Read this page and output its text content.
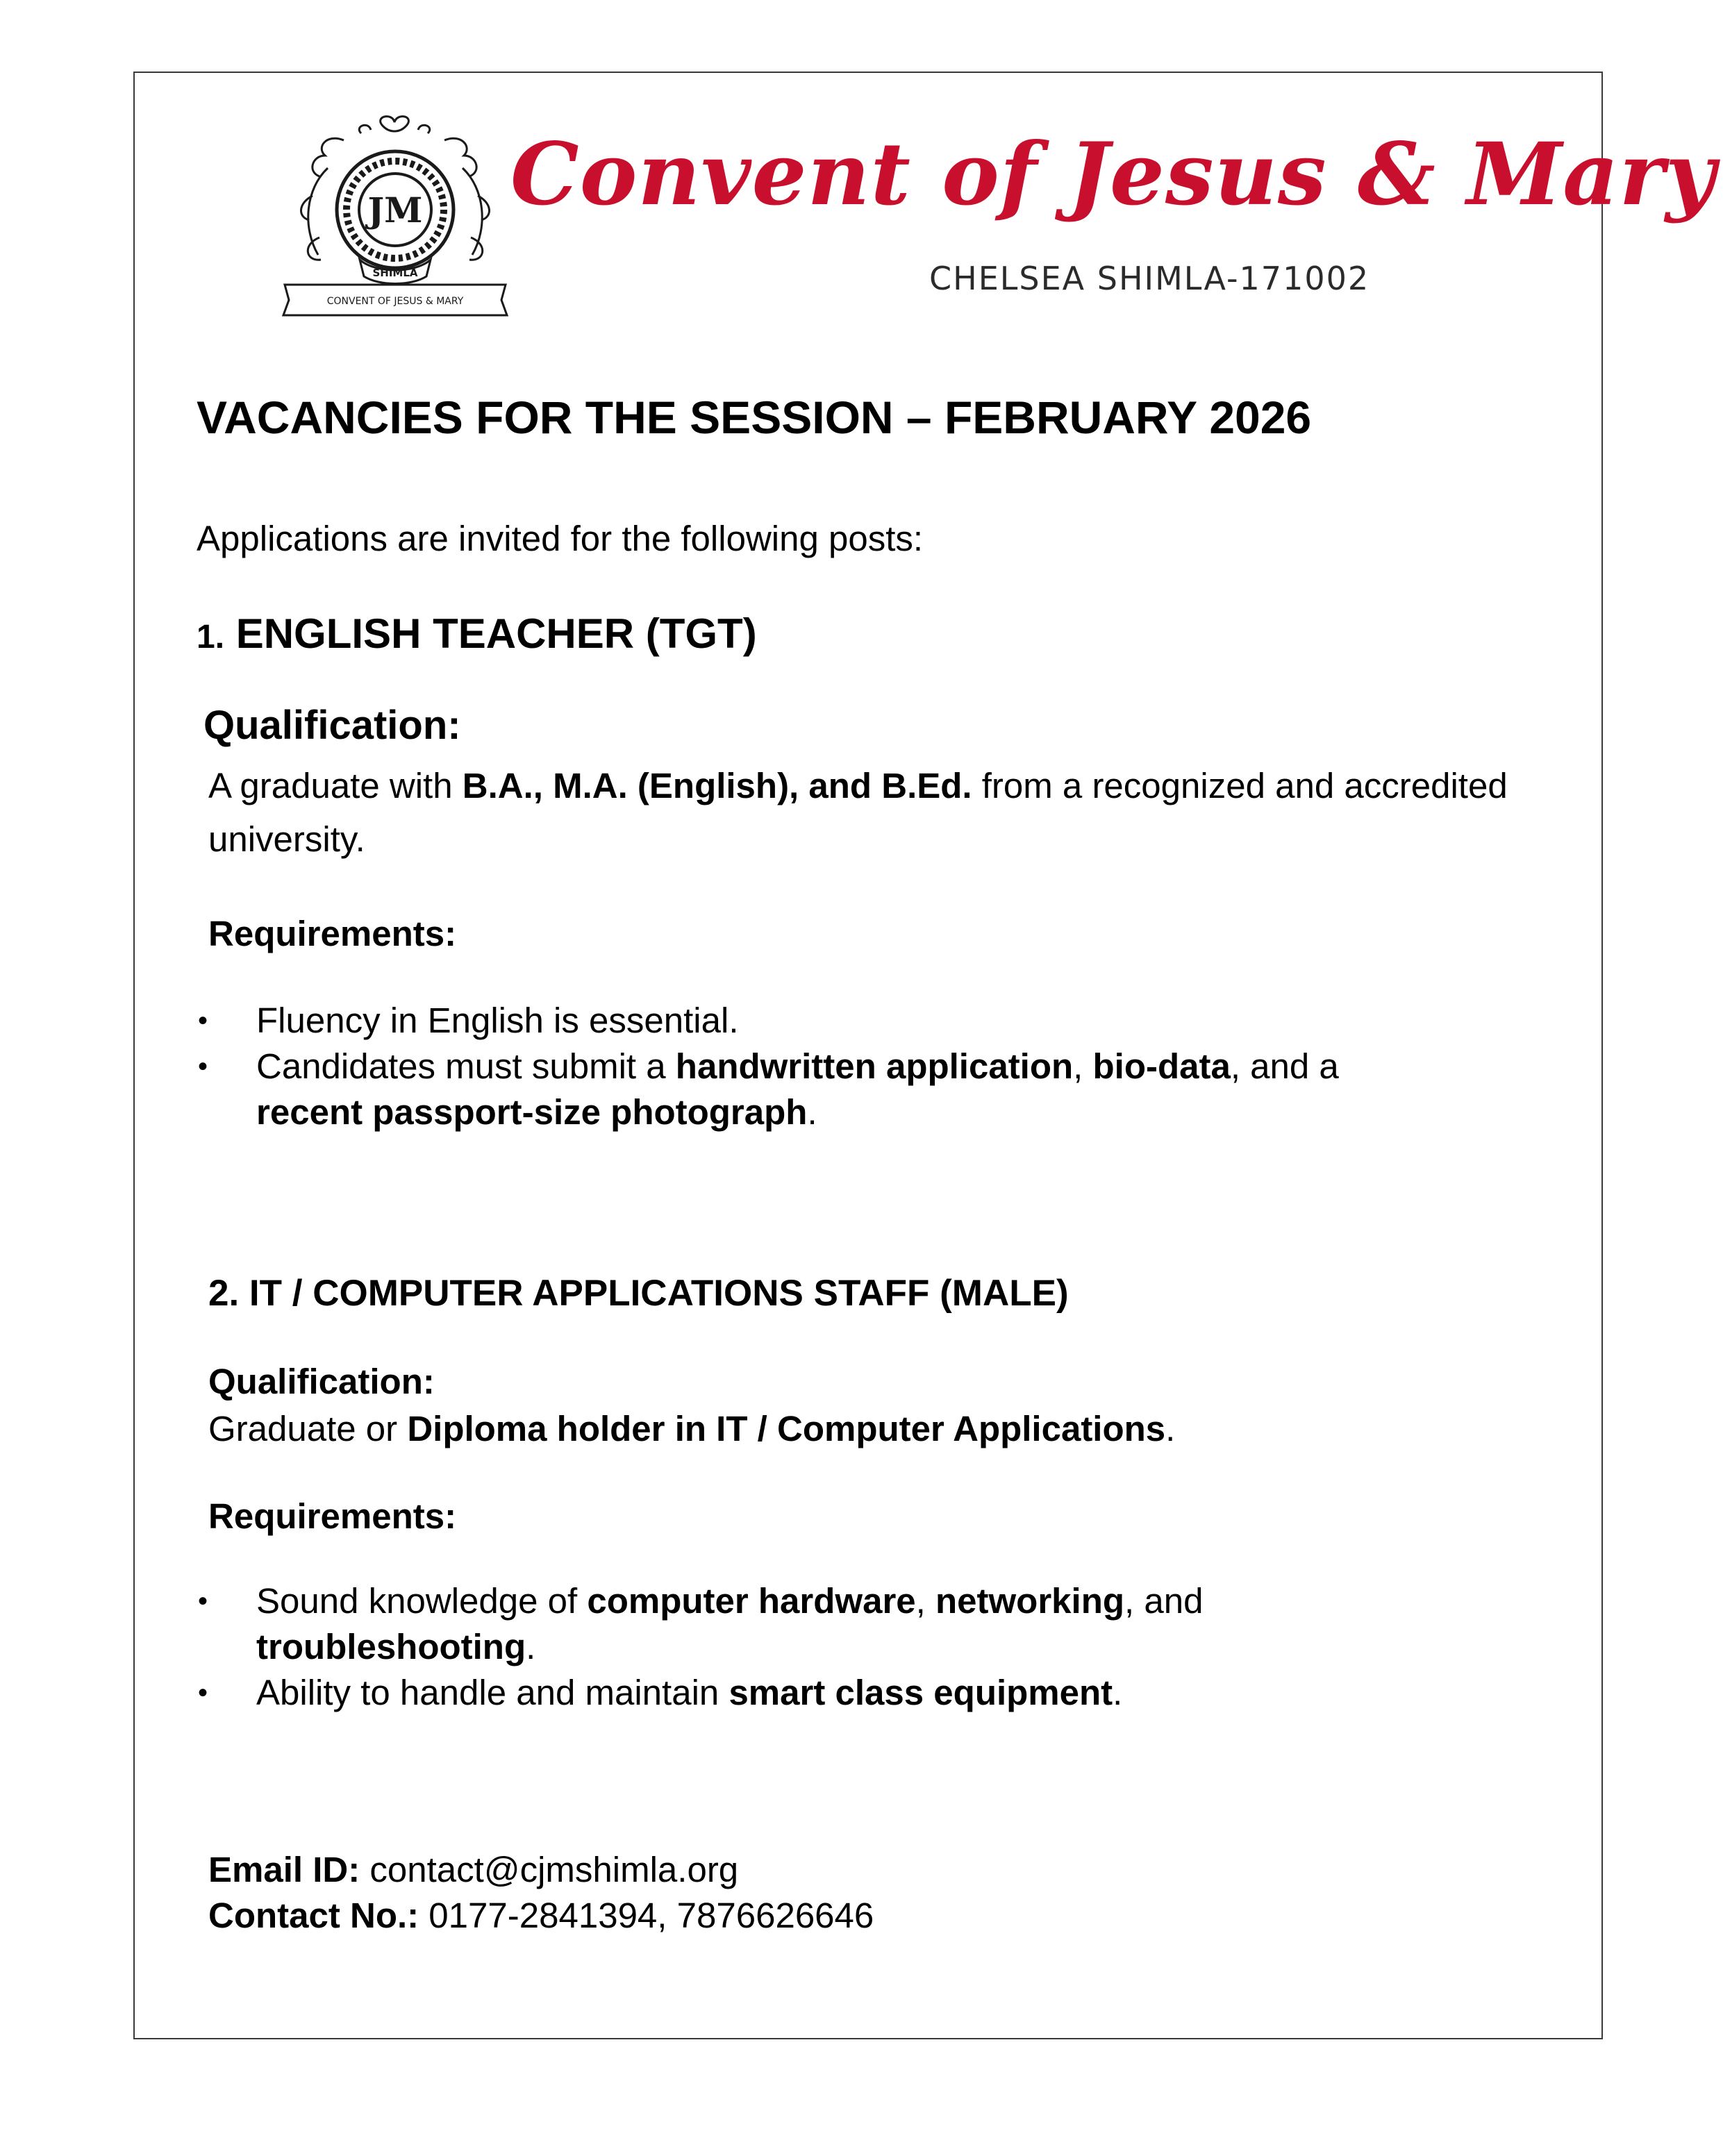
JM
SHIMLA
CONVENT OF JESUS & MARY
Convent of Jesus & Mary
CHELSEA SHIMLA-171002
VACANCIES FOR THE SESSION – FEBRUARY 2026

Applications are invited for the following posts:

1. ENGLISH TEACHER (TGT)
Qualification:

A graduate with B.A., M.A. (English), and B.Ed. from a recognized and accredited university.

Requirements:
•	Fluency in English is essential.
•	Candidates must submit a handwritten application, bio-data, and a
recent passport-size photograph.
2. IT / COMPUTER APPLICATIONS STAFF (MALE)
Qualification:

Graduate or Diploma holder in IT / Computer Applications.

Requirements:
•	Sound knowledge of computer hardware, networking, and
troubleshooting.
•	Ability to handle and maintain smart class equipment.
Email ID: contact@cjmshimla.org
Contact No.: 0177-2841394, 7876626646
